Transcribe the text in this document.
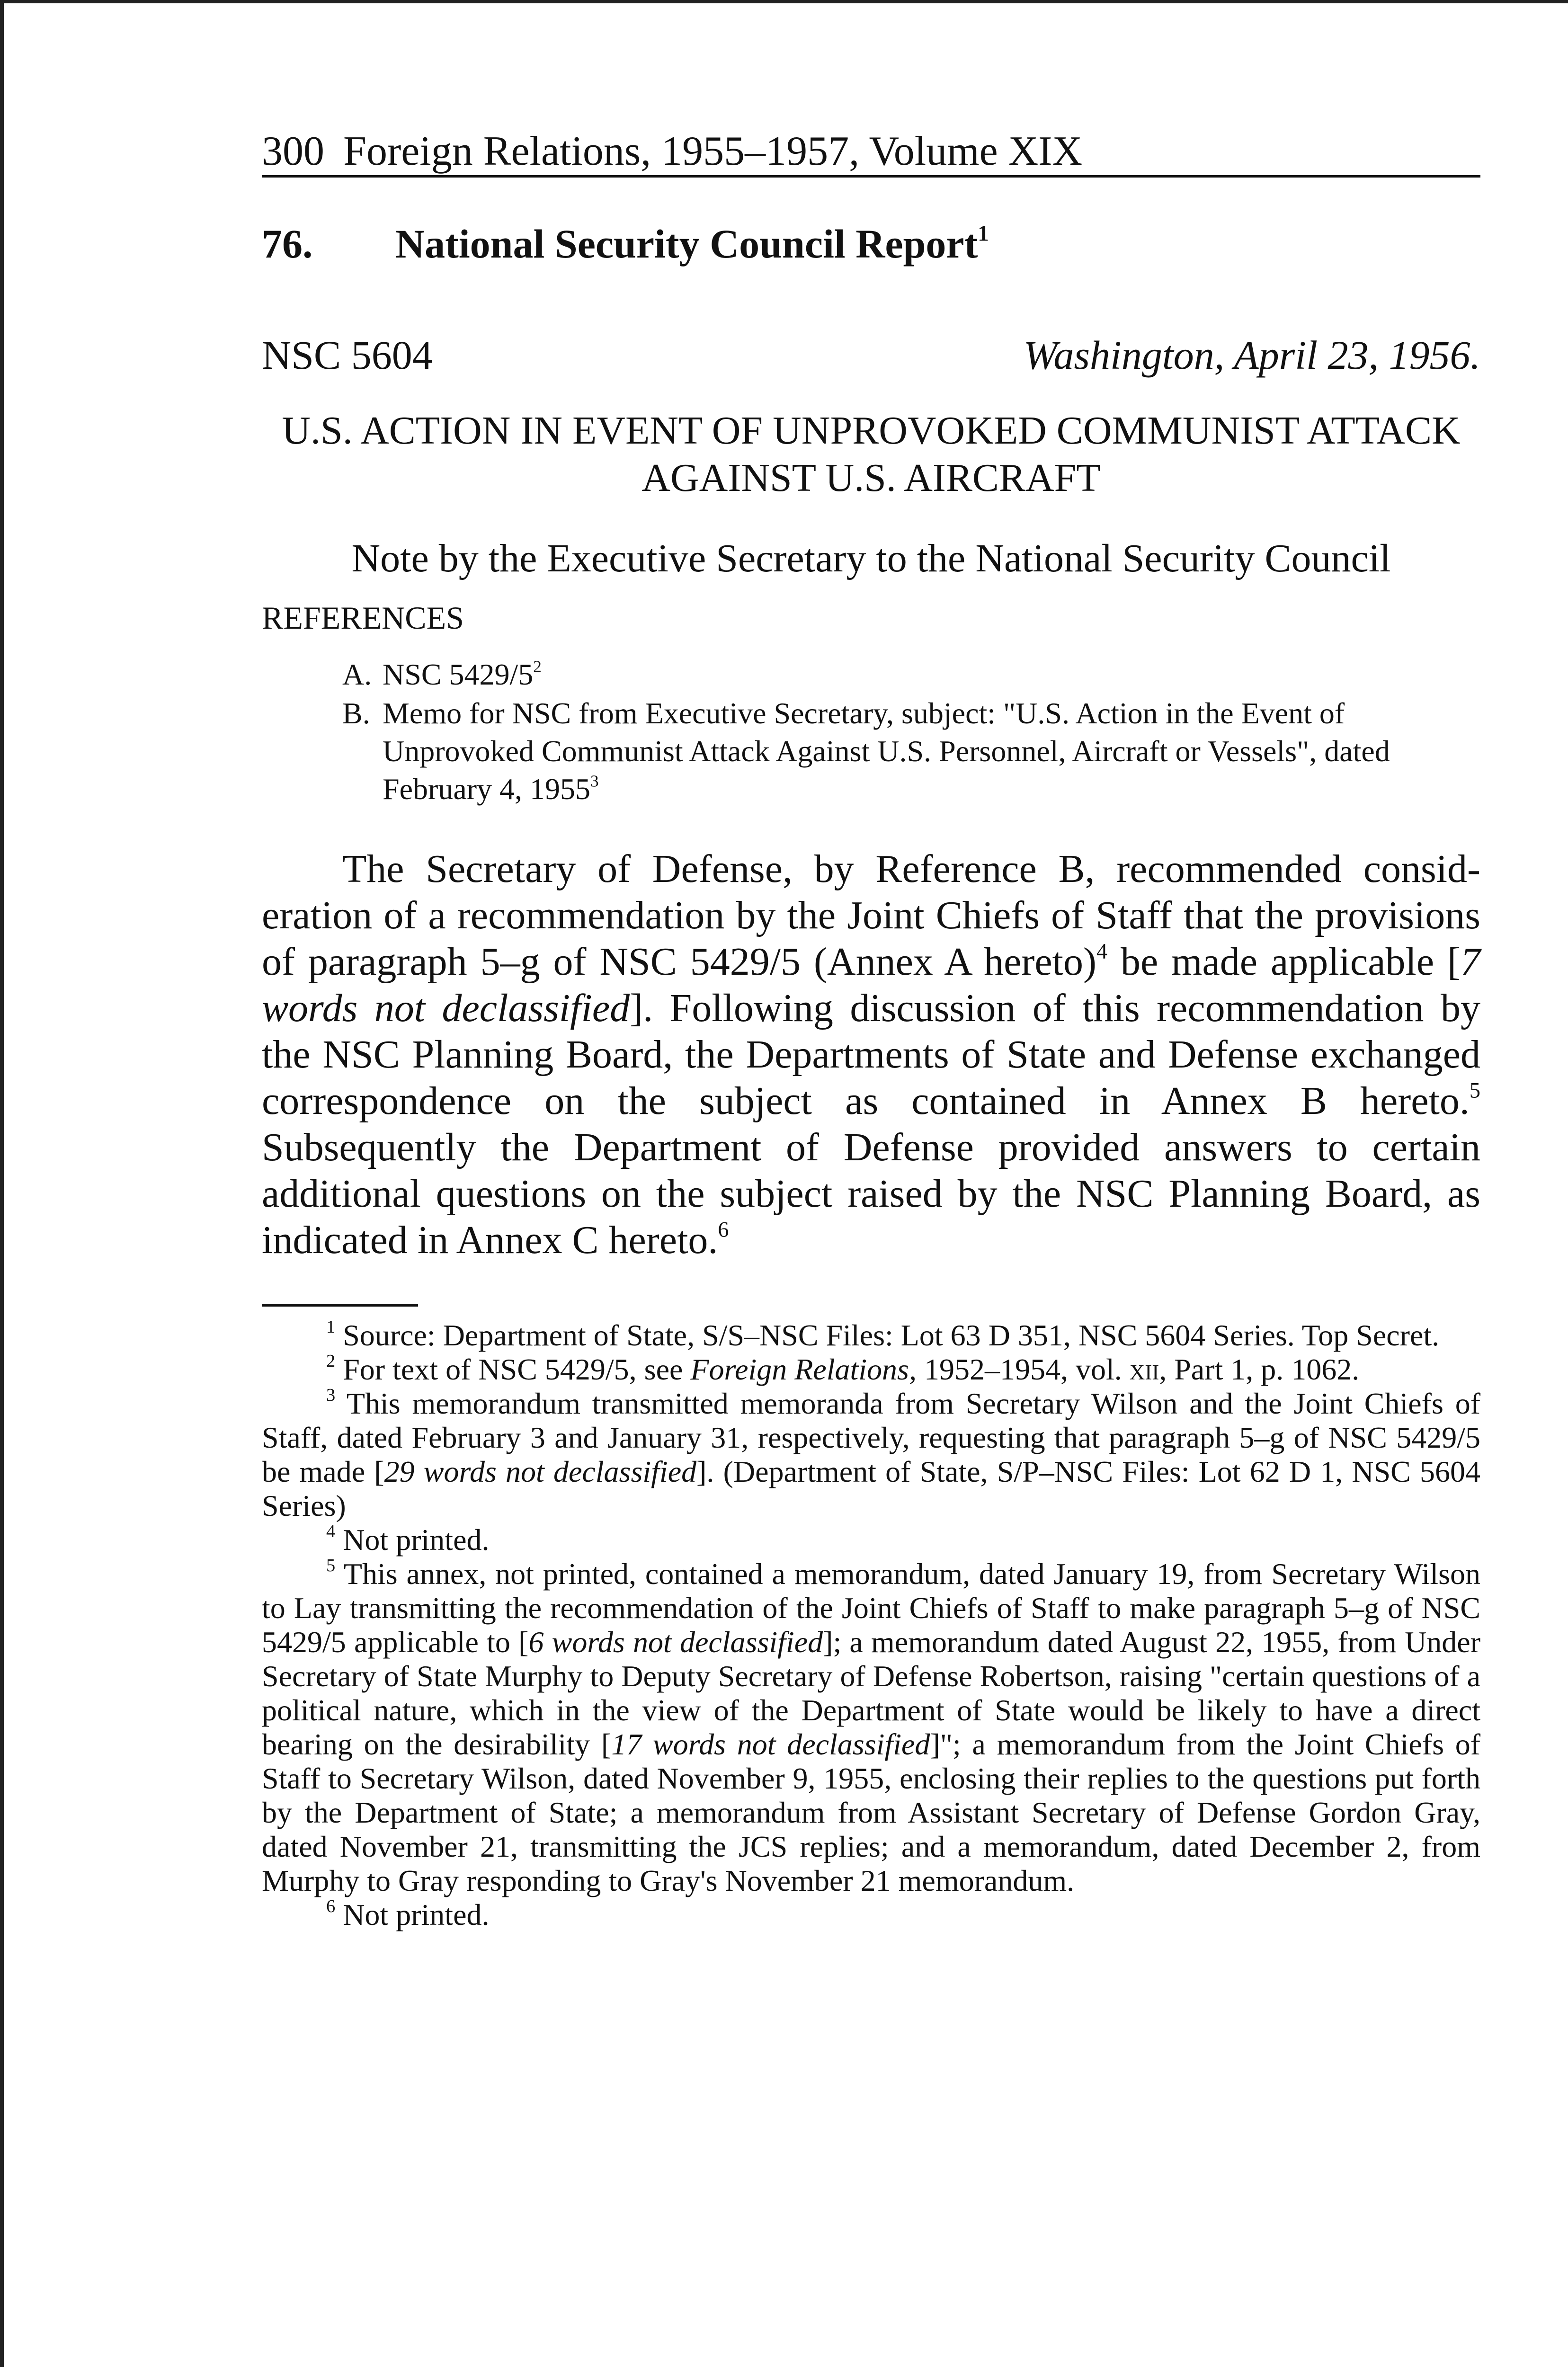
300 Foreign Relations, 1955–1957, Volume XIX
76.	National Security Council Report$^1$
NSC 5604	Washington, April 23, 1956.
U.S. ACTION IN EVENT OF UNPROVOKED COMMUNIST ATTACK
AGAINST U.S. AIRCRAFT
Note by the Executive Secretary to the National Security Council
REFERENCES
A. NSC $5429/5^2$
B. Memo for NSC from Executive Secretary, subject: "U.S. Action in the Event of Unprovoked Communist Attack Against U.S. Personnel, Aircraft or Vessels", dated February 4, 1955$^3$

The Secretary of Defense, by Reference B, recommended consideration of a recommendation by the Joint Chiefs of Staff that the provisions of paragraph 5–g of NSC 5429/5 (Annex A hereto)$^4$ be made applicable [7 words not declassified]. Following discussion of this recommendation by the NSC Planning Board, the Departments of State and Defense exchanged correspondence on the subject as contained in Annex B hereto.$^5$ Subsequently the Department of Defense provided answers to certain additional questions on the subject raised by the NSC Planning Board, as indicated in Annex C hereto.$^6$

$^1$ Source: Department of State, S/S–NSC Files: Lot 63 D 351, NSC 5604 Series. Top Secret.

$^2$ For text of NSC 5429/5, see Foreign Relations, 1952–1954, vol. xii, Part 1, p. 1062.

$^3$ This memorandum transmitted memoranda from Secretary Wilson and the Joint Chiefs of Staff, dated February 3 and January 31, respectively, requesting that paragraph 5–g of NSC 5429/5 be made [29 words not declassified]. (Department of State, S/P–NSC Files: Lot 62 D 1, NSC 5604 Series)

$^4$ Not printed.

$^5$ This annex, not printed, contained a memorandum, dated January 19, from Secretary Wilson to Lay transmitting the recommendation of the Joint Chiefs of Staff to make paragraph 5–g of NSC 5429/5 applicable to [6 words not declassified]; a memorandum dated August 22, 1955, from Under Secretary of State Murphy to Deputy Secretary of Defense Robertson, raising "certain questions of a political nature, which in the view of the Department of State would be likely to have a direct bearing on the desirability [17 words not declassified]"; a memorandum from the Joint Chiefs of Staff to Secretary Wilson, dated November 9, 1955, enclosing their replies to the questions put forth by the Department of State; a memorandum from Assistant Secretary of Defense Gordon Gray, dated November 21, transmitting the JCS replies; and a memorandum, dated December 2, from Murphy to Gray responding to Gray's November 21 memorandum.

$^6$ Not printed.
